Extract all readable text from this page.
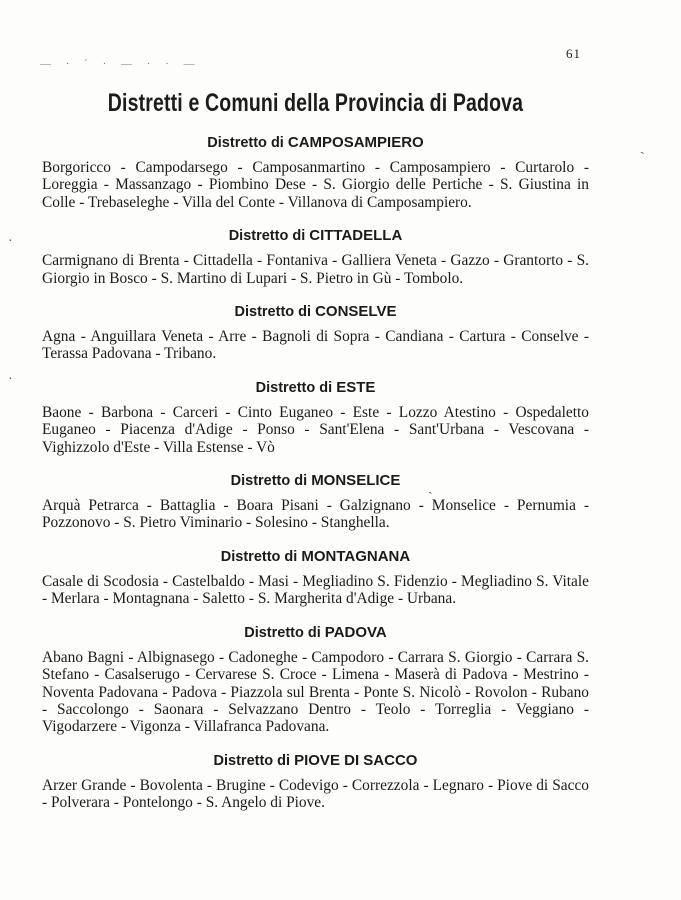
61
— · ´ · — · · —
ˎ
·
·
ˏ
Distretti e Comuni della Provincia di Padova
Distretto di CAMPOSAMPIERO

Borgoricco - Campodarsego - Camposanmartino - Camposampiero - Curtarolo - Loreggia - Massanzago - Piombino Dese - S. Giorgio delle Pertiche - S. Giustina in Colle - Trebaseleghe - Villa del Conte - Villanova di Camposampiero.

Distretto di CITTADELLA

Carmignano di Brenta - Cittadella - Fontaniva - Galliera Veneta - Gazzo - Grantorto - S. Giorgio in Bosco - S. Martino di Lupari - S. Pietro in Gù - Tombolo.

Distretto di CONSELVE

Agna - Anguillara Veneta - Arre - Bagnoli di Sopra - Candiana - Cartura - Conselve - Terassa Padovana - Tribano.

Distretto di ESTE

Baone - Barbona - Carceri - Cinto Euganeo - Este - Lozzo Atestino - Ospedaletto Euganeo - Piacenza d'Adige - Ponso - Sant'Elena - Sant'Urbana - Vescovana - Vighizzolo d'Este - Villa Estense - Vò

Distretto di MONSELICE

Arquà Petrarca - Battaglia - Boara Pisani - Galzignano - Monselice - Pernumia - Pozzonovo - S. Pietro Viminario - Solesino - Stanghella.

Distretto di MONTAGNANA

Casale di Scodosia - Castelbaldo - Masi - Megliadino S. Fidenzio - Megliadino S. Vitale - Merlara - Montagnana - Saletto - S. Margherita d'Adige - Urbana.

Distretto di PADOVA

Abano Bagni - Albignasego - Cadoneghe - Campodoro - Carrara S. Giorgio - Carrara S. Stefano - Casalserugo - Cervarese S. Croce - Limena - Maserà di Padova - Mestrino - Noventa Padovana - Padova - Piazzola sul Brenta - Ponte S. Nicolò - Rovolon - Rubano - Saccolongo - Saonara - Selvazzano Dentro - Teolo - Torreglia - Veggiano - Vigodarzere - Vigonza - Villafranca Padovana.

Distretto di PIOVE DI SACCO

Arzer Grande - Bovolenta - Brugine - Codevigo - Correzzola - Legnaro - Piove di Sacco - Polverara - Pontelongo - S. Angelo di Piove.
